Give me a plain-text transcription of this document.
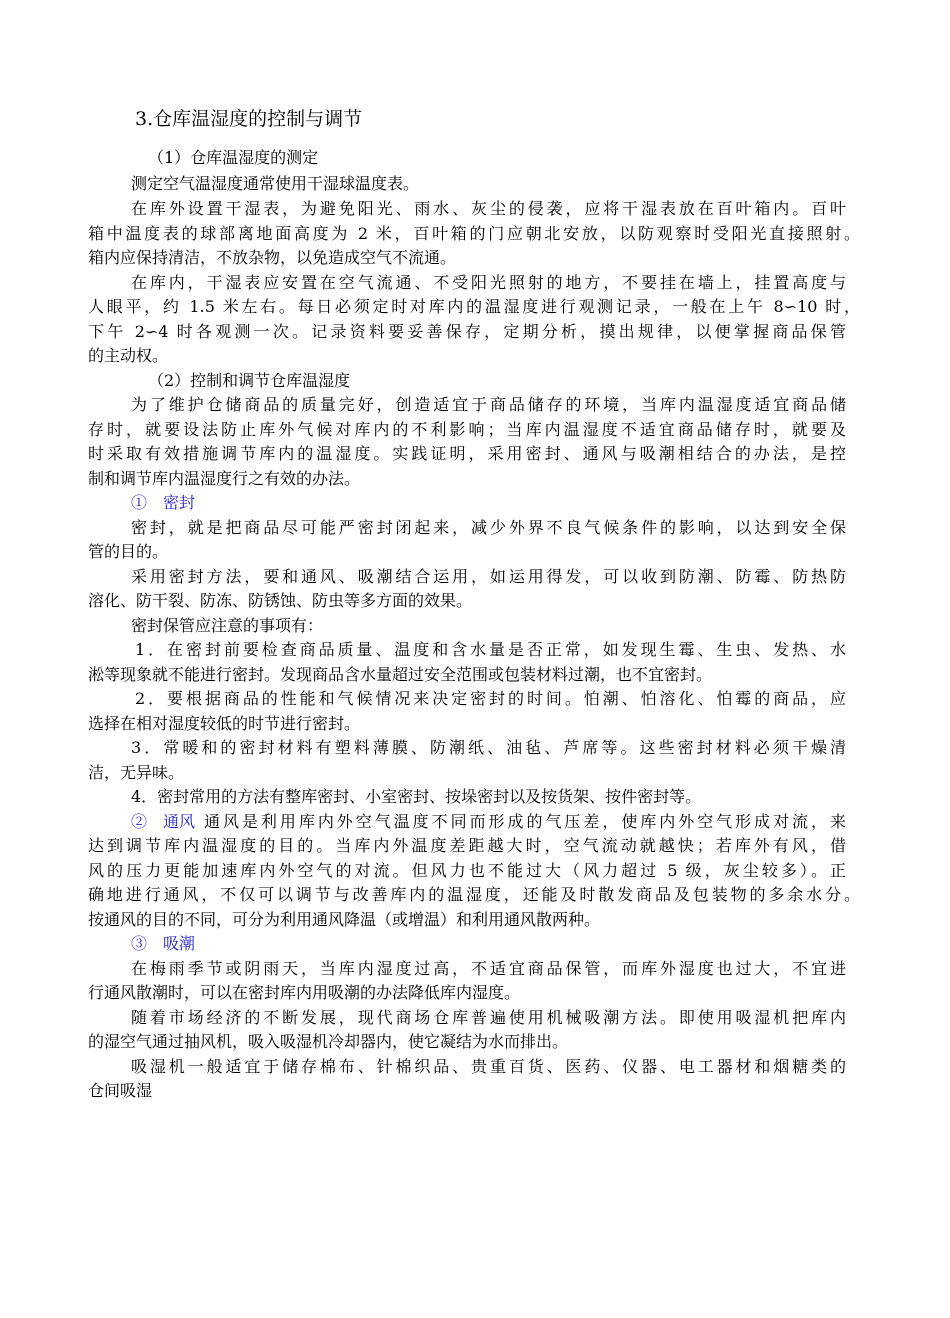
3.仓库温湿度的控制与调节
（1）仓库温湿度的测定
测定空气温湿度通常使用干湿球温度表。
在库外设置干湿表，为避免阳光、雨水、灰尘的侵袭，应将干湿表放在百叶箱内。百叶
箱中温度表的球部离地面高度为 2 米，百叶箱的门应朝北安放，以防观察时受阳光直接照射。
箱内应保持清洁，不放杂物，以免造成空气不流通。
在库内，干湿表应安置在空气流通、不受阳光照射的地方，不要挂在墙上，挂置高度与
人眼平，约 1.5 米左右。每日必须定时对库内的温湿度进行观测记录，一般在上午 8∽10 时，
下午 2∽4 时各观测一次。记录资料要妥善保存，定期分析，摸出规律，以便掌握商品保管
的主动权。
（2）控制和调节仓库温湿度
为了维护仓储商品的质量完好，创造适宜于商品储存的环境，当库内温湿度适宜商品储
存时，就要设法防止库外气候对库内的不利影响；当库内温湿度不适宜商品储存时，就要及
时采取有效措施调节库内的温湿度。实践证明，采用密封、通风与吸潮相结合的办法，是控
制和调节库内温湿度行之有效的办法。
①　密封
密封，就是把商品尽可能严密封闭起来，减少外界不良气候条件的影响，以达到安全保
管的目的。
采用密封方法，要和通风、吸潮结合运用，如运用得发，可以收到防潮、防霉、防热防
溶化、防干裂、防冻、防锈蚀、防虫等多方面的效果。
密封保管应注意的事项有：
1．在密封前要检查商品质量、温度和含水量是否正常，如发现生霉、生虫、发热、水
淞等现象就不能进行密封。发现商品含水量超过安全范围或包装材料过潮，也不宜密封。
2．要根据商品的性能和气候情况来决定密封的时间。怕潮、怕溶化、怕霉的商品，应
选择在相对湿度较低的时节进行密封。
3．常暖和的密封材料有塑料薄膜、防潮纸、油毡、芦席等。这些密封材料必须干燥清
洁，无异味。
4．密封常用的方法有整库密封、小室密封、按垛密封以及按货架、按件密封等。
②　通风 通风是利用库内外空气温度不同而形成的气压差，使库内外空气形成对流，来
达到调节库内温湿度的目的。当库内外温度差距越大时，空气流动就越快；若库外有风，借
风的压力更能加速库内外空气的对流。但风力也不能过大（风力超过 5 级，灰尘较多）。正
确地进行通风，不仅可以调节与改善库内的温湿度，还能及时散发商品及包装物的多余水分。
按通风的目的不同，可分为利用通风降温（或增温）和利用通风散两种。
③　吸潮
在梅雨季节或阴雨天，当库内湿度过高，不适宜商品保管，而库外湿度也过大，不宜进
行通风散潮时，可以在密封库内用吸潮的办法降低库内湿度。
随着市场经济的不断发展，现代商场仓库普遍使用机械吸潮方法。即使用吸湿机把库内
的湿空气通过抽风机，吸入吸湿机冷却器内，使它凝结为水而排出。
吸湿机一般适宜于储存棉布、针棉织品、贵重百货、医药、仪器、电工器材和烟糖类的
仓间吸湿
